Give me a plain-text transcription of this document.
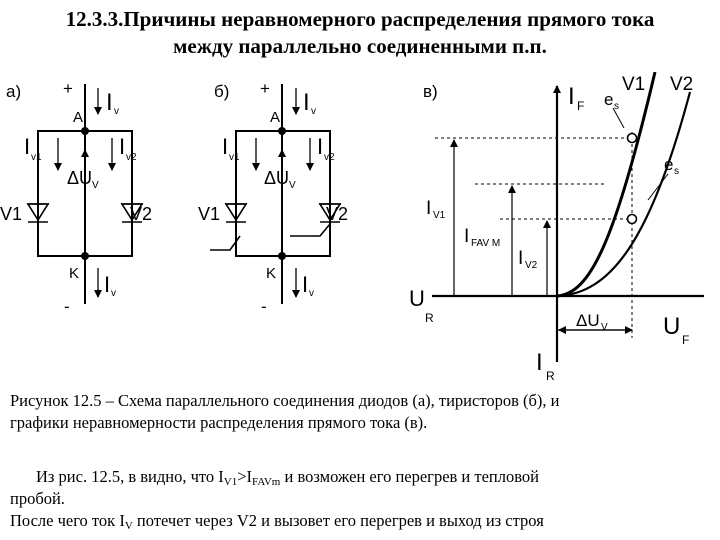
12.3.3.Причины неравномерного распределения прямого тока
между параллельно соединенными п.п.
а) +
А
I v
I v1	I v2
ΔU V
V1	V2
K I v
-
б) +
А
I v
I v1	I v2
ΔU V
V1	V2
K I v
-
в)	I F
V1 V2
e s
e s
I V1
I FAV M
I V2
U
R	ΔU V U F
I R
Рисунок 12.5 – Схема параллельного соединения диодов (а), тиристоров (б), и
графики неравномерности распределения прямого тока (в).

Из рис. 12.5, в видно, что $I_{V1}>I_{FAVm}$ и возможен его перегрев и тепловой

пробой.

После чего ток $I_V$ потечет через V2 и вызовет его перегрев и выход из строя
